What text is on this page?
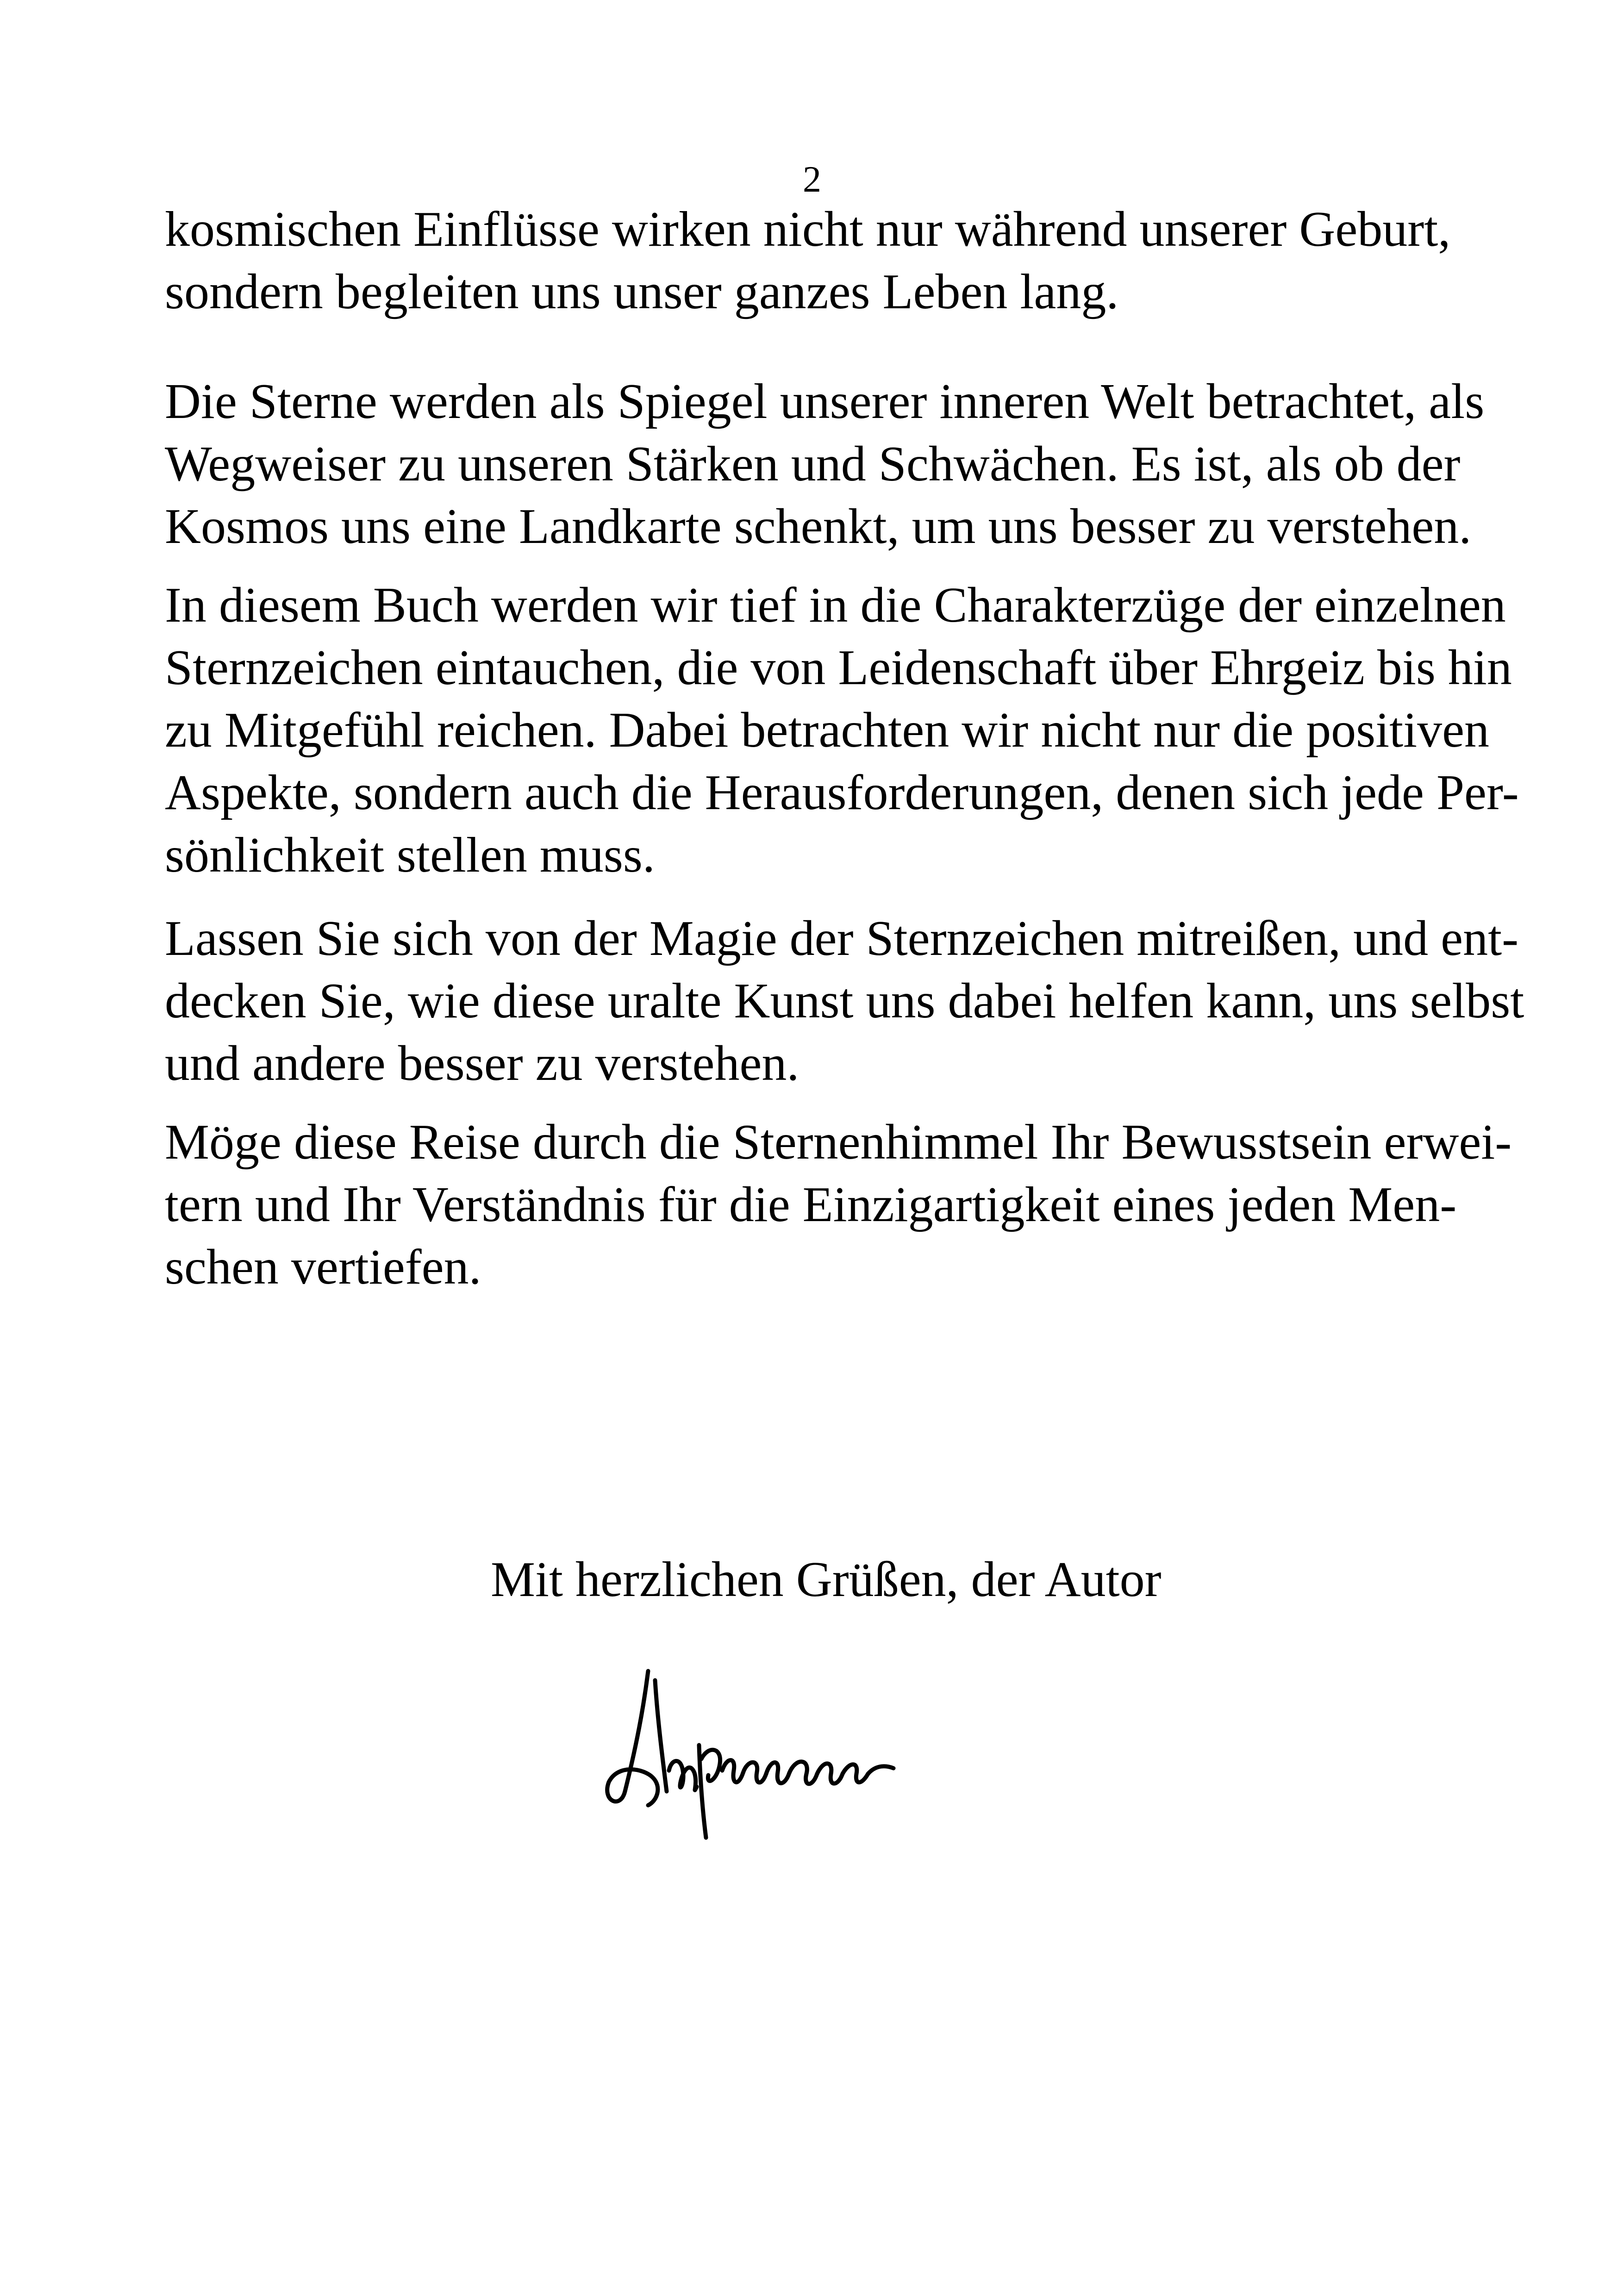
2
kosmischen Einflüsse wirken nicht nur während unserer Geburt,
sondern begleiten uns unser ganzes Leben lang.
Die Sterne werden als Spiegel unserer inneren Welt betrachtet, als
Wegweiser zu unseren Stärken und Schwächen. Es ist, als ob der
Kosmos uns eine Landkarte schenkt, um uns besser zu verstehen.
In diesem Buch werden wir tief in die Charakterzüge der einzelnen
Sternzeichen eintauchen, die von Leidenschaft über Ehrgeiz bis hin
zu Mitgefühl reichen. Dabei betrachten wir nicht nur die positiven
Aspekte, sondern auch die Herausforderungen, denen sich jede Per-
sönlichkeit stellen muss.
Lassen Sie sich von der Magie der Sternzeichen mitreißen, und ent-
decken Sie, wie diese uralte Kunst uns dabei helfen kann, uns selbst
und andere besser zu verstehen.
Möge diese Reise durch die Sternenhimmel Ihr Bewusstsein erwei-
tern und Ihr Verständnis für die Einzigartigkeit eines jeden Men-
schen vertiefen.
Mit herzlichen Grüßen, der Autor
